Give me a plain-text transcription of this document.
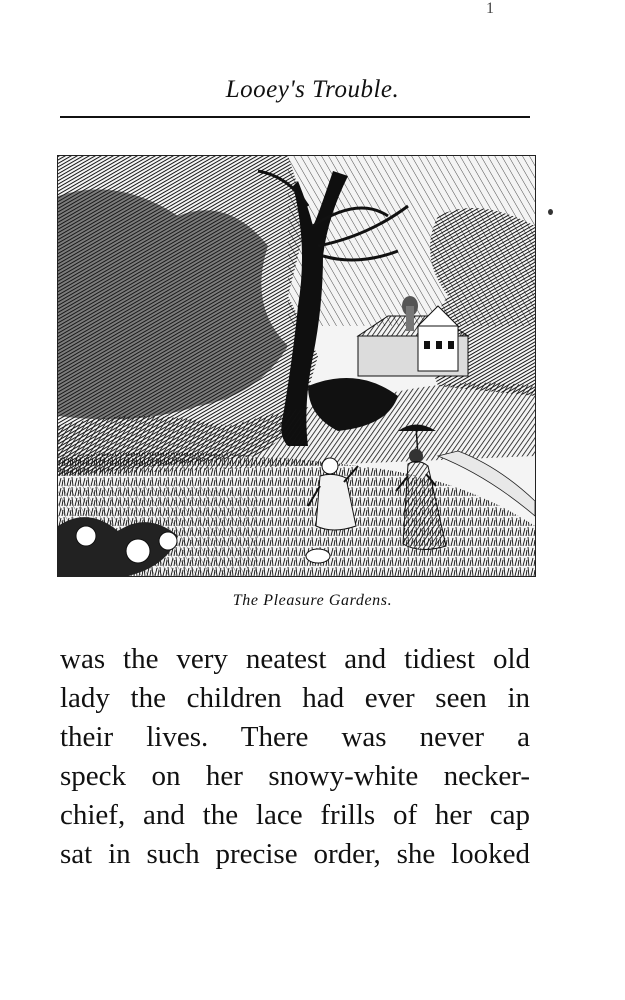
1
Looey's Trouble.
The Pleasure Gardens.
was the very neatest and tidiest old
lady the children had ever seen in
their lives. There was never a
speck on her snowy-white necker-
chief, and the lace frills of her cap
sat in such precise order, she looked
